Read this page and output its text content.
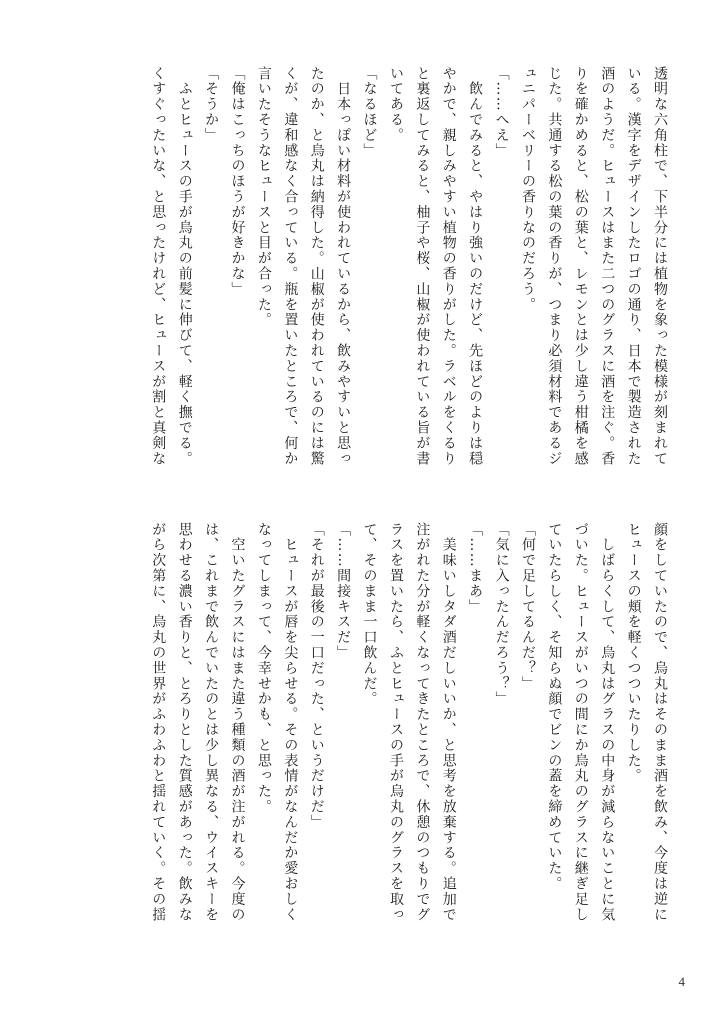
透明な六角柱で、下半分には植物を象った模様が刻まれて
いる。漢字をデザインしたロゴの通り、日本で製造された
酒のようだ。ヒュースはまた二つのグラスに酒を注ぐ。香
りを確かめると、松の葉と、レモンとは少し違う柑橘を感
じた。共通する松の葉の香りが、つまり必須材料であるジ
ュニパーベリーの香りなのだろう。
「……へえ」
　飲んでみると、やはり強いのだけど、先ほどのよりは穏
やかで、親しみやすい植物の香りがした。ラベルをくるり
と裏返してみると、柚子や桜、山椒が使われている旨が書
いてある。
「なるほど」
　日本っぽい材料が使われているから、飲みやすいと思っ
たのか、と烏丸は納得した。山椒が使われているのには驚
くが、違和感なく合っている。瓶を置いたところで、何か
言いたそうなヒュースと目が合った。
「俺はこっちのほうが好きかな」
「そうか」
　ふとヒュースの手が烏丸の前髪に伸びて、軽く撫でる。
くすぐったいな、と思ったけれど、ヒュースが割と真剣な
顔をしていたので、烏丸はそのまま酒を飲み、今度は逆に
ヒュースの頬を軽くつついたりした。
　しばらくして、烏丸はグラスの中身が減らないことに気
づいた。ヒュースがいつの間にか烏丸のグラスに継ぎ足し
ていたらしく、そ知らぬ顔でビンの蓋を締めていた。
「何で足してるんだ？」
「気に入ったんだろう？」
「……まあ」
　美味いしタダ酒だしいいか、と思考を放棄する。追加で
注がれた分が軽くなってきたところで、休憩のつもりでグ
ラスを置いたら、ふとヒュースの手が烏丸のグラスを取っ
て、そのまま一口飲んだ。
「……間接キスだ」
「それが最後の一口だった、というだけだ」
　ヒュースが唇を尖らせる。その表情がなんだか愛おしく
なってしまって、今幸せかも、と思った。
　空いたグラスにはまた違う種類の酒が注がれる。今度の
は、これまで飲んでいたのとは少し異なる、ウイスキーを
思わせる濃い香りと、とろりとした質感があった。飲みな
がら次第に、烏丸の世界がふわふわと揺れていく。その揺
4
